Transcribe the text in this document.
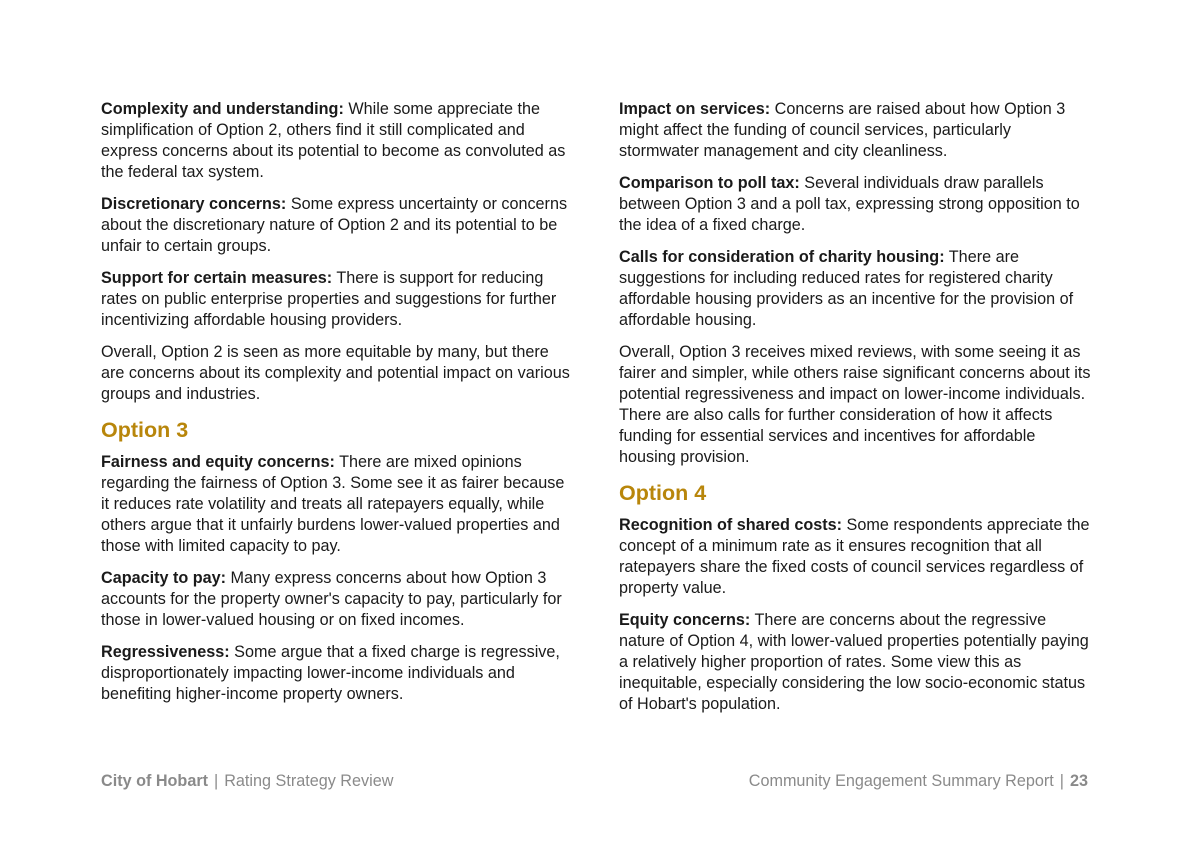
Complexity and understanding: While some appreciate the simplification of Option 2, others find it still complicated and express concerns about its potential to become as convoluted as the federal tax system.

Discretionary concerns: Some express uncertainty or concerns about the discretionary nature of Option 2 and its potential to be unfair to certain groups.

Support for certain measures: There is support for reducing rates on public enterprise properties and suggestions for further incentivizing affordable housing providers.

Overall, Option 2 is seen as more equitable by many, but there are concerns about its complexity and potential impact on various groups and industries.

Option 3

Fairness and equity concerns: There are mixed opinions regarding the fairness of Option 3. Some see it as fairer because it reduces rate volatility and treats all ratepayers equally, while others argue that it unfairly burdens lower-valued properties and those with limited capacity to pay.

Capacity to pay: Many express concerns about how Option 3 accounts for the property owner's capacity to pay, particularly for those in lower-valued housing or on fixed incomes.

Regressiveness: Some argue that a fixed charge is regressive, disproportionately impacting lower-income individuals and benefiting higher-income property owners.

Impact on services: Concerns are raised about how Option 3 might affect the funding of council services, particularly stormwater management and city cleanliness.

Comparison to poll tax: Several individuals draw parallels between Option 3 and a poll tax, expressing strong opposition to the idea of a fixed charge.

Calls for consideration of charity housing: There are suggestions for including reduced rates for registered charity affordable housing providers as an incentive for the provision of affordable housing.

Overall, Option 3 receives mixed reviews, with some seeing it as fairer and simpler, while others raise significant concerns about its potential regressiveness and impact on lower-income individuals. There are also calls for further consideration of how it affects funding for essential services and incentives for affordable housing provision.

Option 4

Recognition of shared costs: Some respondents appreciate the concept of a minimum rate as it ensures recognition that all ratepayers share the fixed costs of council services regardless of property value.

Equity concerns: There are concerns about the regressive nature of Option 4, with lower-valued properties potentially paying a relatively higher proportion of rates. Some view this as inequitable, especially considering the low socio-economic status of Hobart's population.

City of Hobart | Rating Strategy Review	Community Engagement Summary Report | 23
